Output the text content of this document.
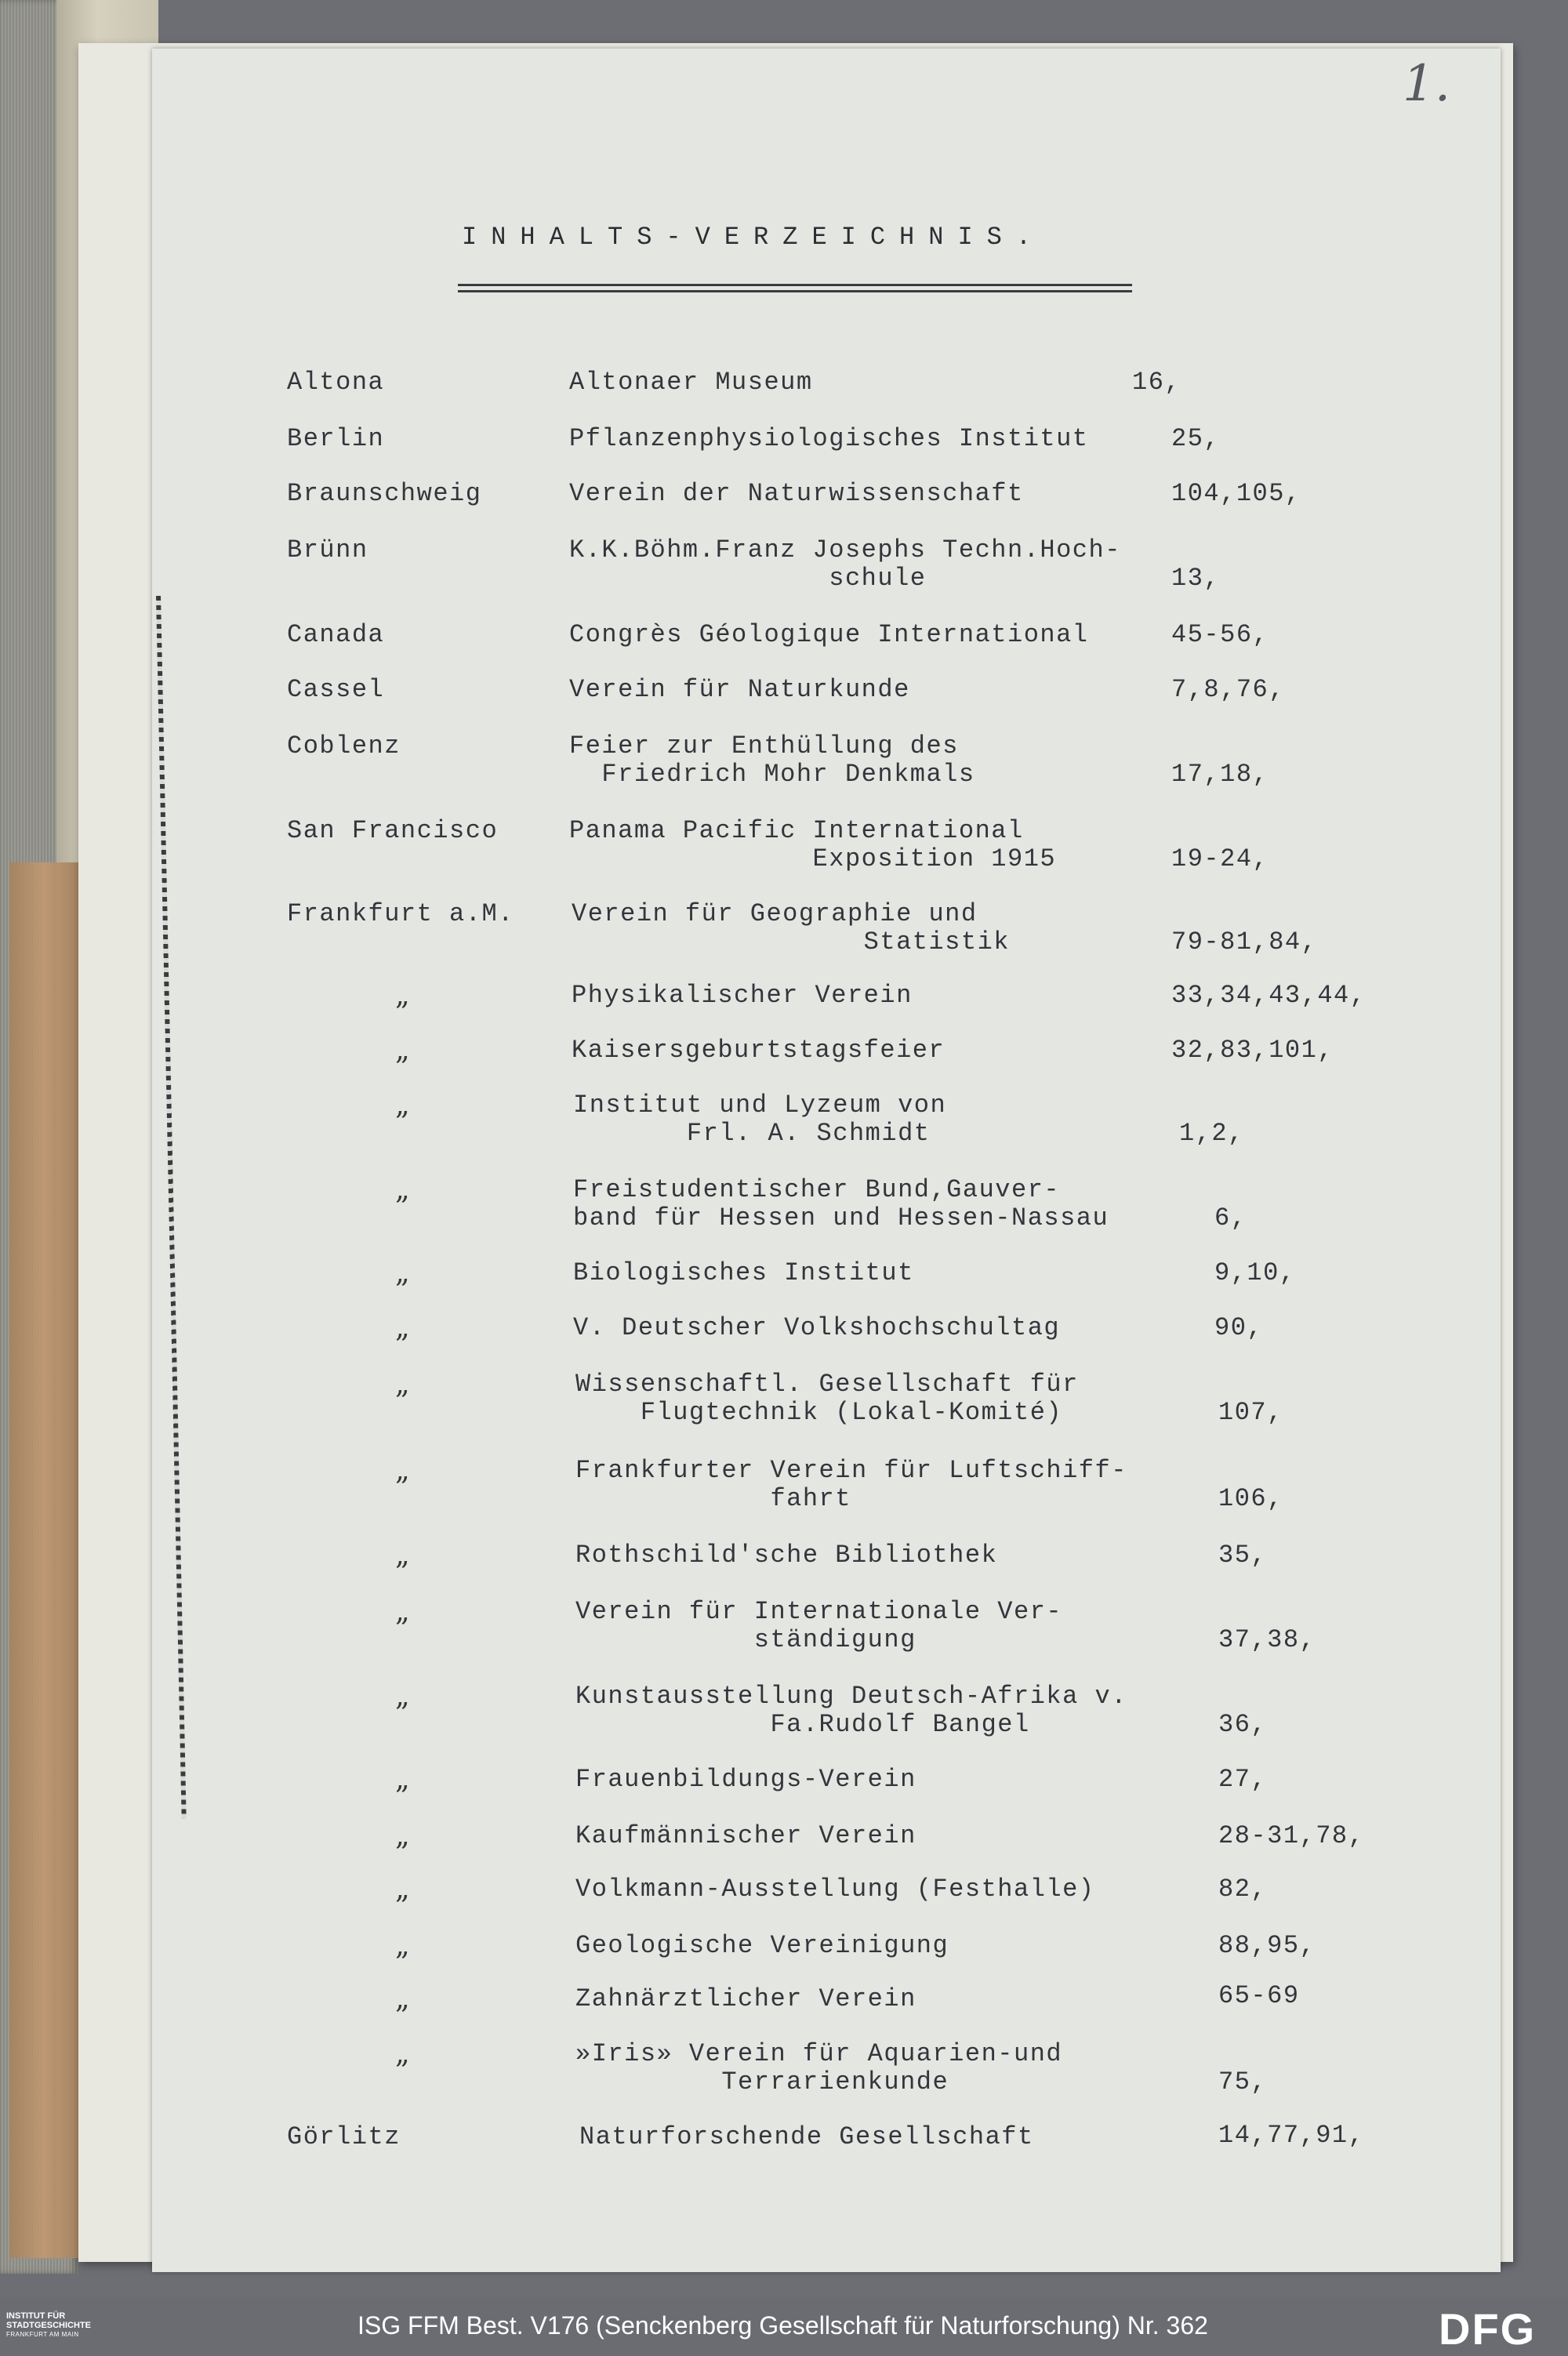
1.
INHALTS-VERZEICHNIS.
Altona	Altonaer Museum	16,
Berlin	Pflanzenphysiologisches Institut	25,
Braunschweig	Verein der Naturwissenschaft	104,105,
Brünn	K.K.Böhm.Franz Josephs Techn.Hoch-
schule	13,
Canada	Congrès Géologique International	45-56,
Cassel	Verein für Naturkunde	7,8,76,
Coblenz	Feier zur Enthüllung des
Friedrich Mohr Denkmals	17,18,
San Francisco	Panama Pacific International
Exposition 1915	19-24,
Frankfurt a.M. Verein für Geographie und
Statistik	79-81,84,
„	Physikalischer Verein	33,34,43,44,
„	Kaisersgeburtstagsfeier	32,83,101,
„	Institut und Lyzeum von
Frl. A. Schmidt	1,2,
„	Freistudentischer Bund,Gauver-
band für Hessen und Hessen-Nassau	6,
„	Biologisches Institut	9,10,
„	V. Deutscher Volkshochschultag	90,
„	Wissenschaftl. Gesellschaft für
Flugtechnik (Lokal-Komité)	107,
„	Frankfurter Verein für Luftschiff-
fahrt	106,
„	Rothschild'sche Bibliothek	35,
„	Verein für Internationale Ver-
ständigung	37,38,
„	Kunstausstellung Deutsch-Afrika v.
Fa.Rudolf Bangel	36,
„	Frauenbildungs-Verein	27,
„	Kaufmännischer Verein	28-31,78,
„	Volkmann-Ausstellung (Festhalle)	82,
„	Geologische Vereinigung	88,95,
„	Zahnärztlicher Verein	65-69
„	»Iris» Verein für Aquarien-und
Terrarienkunde	75,
Görlitz	Naturforschende Gesellschaft	14,77,91,
INSTITUT FÜR
STADTGESCHICHTE
FRANKFURT AM MAIN	ISG FFM Best. V176 (Senckenberg Gesellschaft für Naturforschung) Nr. 362	DFG
